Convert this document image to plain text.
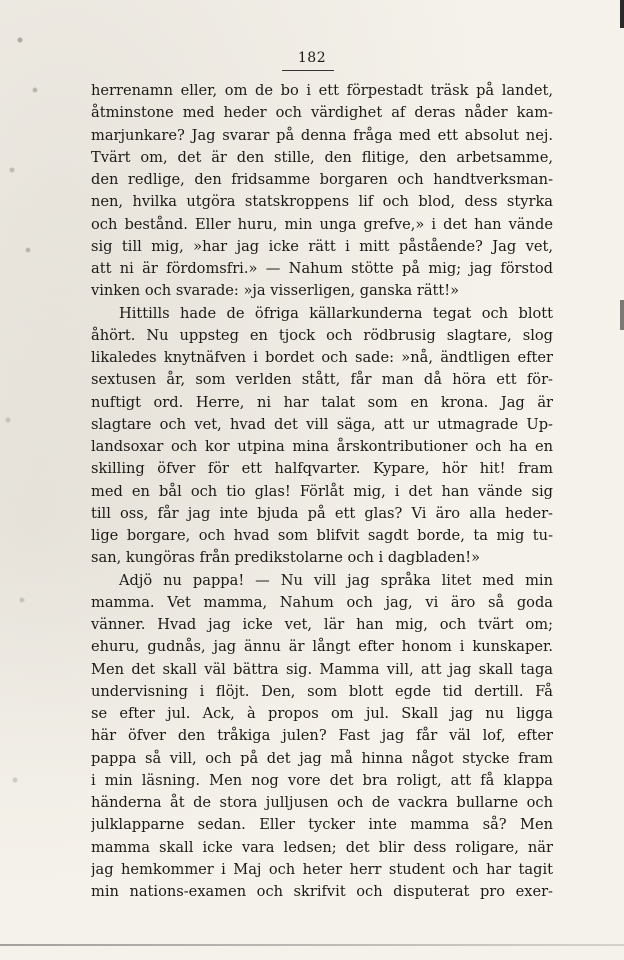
182
herrenamn eller, om de bo i ett förpestadt träsk på landet,
åtminstone med heder och värdighet af deras nåder kam-
marjunkare? Jag svarar på denna fråga med ett absolut nej.
Tvärt om, det är den stille, den flitige, den arbetsamme,
den redlige, den fridsamme borgaren och handtverksman-
nen, hvilka utgöra statskroppens lif och blod, dess styrka
och bestånd. Eller huru, min unga grefve,» i det han vände
sig till mig, »har jag icke rätt i mitt påstående? Jag vet,
att ni är fördomsfri.» — Nahum stötte på mig; jag förstod
vinken och svarade: »ja visserligen, ganska rätt!»
Hittills hade de öfriga källarkunderna tegat och blott
åhört. Nu uppsteg en tjock och rödbrusig slagtare, slog
likaledes knytnäfven i bordet och sade: »nå, ändtligen efter
sextusen år, som verlden stått, får man då höra ett för-
nuftigt ord. Herre, ni har talat som en krona. Jag är
slagtare och vet, hvad det vill säga, att ur utmagrade Up-
landsoxar och kor utpina mina årskontributioner och ha en
skilling öfver för ett halfqvarter. Kypare, hör hit! fram
med en bål och tio glas! Förlåt mig, i det han vände sig
till oss, får jag inte bjuda på ett glas? Vi äro alla heder-
lige borgare, och hvad som blifvit sagdt borde, ta mig tu-
san, kungöras från predikstolarne och i dagbladen!»
Adjö nu pappa! — Nu vill jag språka litet med min
mamma. Vet mamma, Nahum och jag, vi äro så goda
vänner. Hvad jag icke vet, lär han mig, och tvärt om;
ehuru, gudnås, jag ännu är långt efter honom i kunskaper.
Men det skall väl bättra sig. Mamma vill, att jag skall taga
undervisning i flöjt. Den, som blott egde tid dertill. Få
se efter jul. Ack, à propos om jul. Skall jag nu ligga
här öfver den tråkiga julen? Fast jag får väl lof, efter
pappa så vill, och på det jag må hinna något stycke fram
i min läsning. Men nog vore det bra roligt, att få klappa
händerna åt de stora julljusen och de vackra bullarne och
julklapparne sedan. Eller tycker inte mamma så? Men
mamma skall icke vara ledsen; det blir dess roligare, när
jag hemkommer i Maj och heter herr student och har tagit
min nations-examen och skrifvit och disputerat pro exer-
